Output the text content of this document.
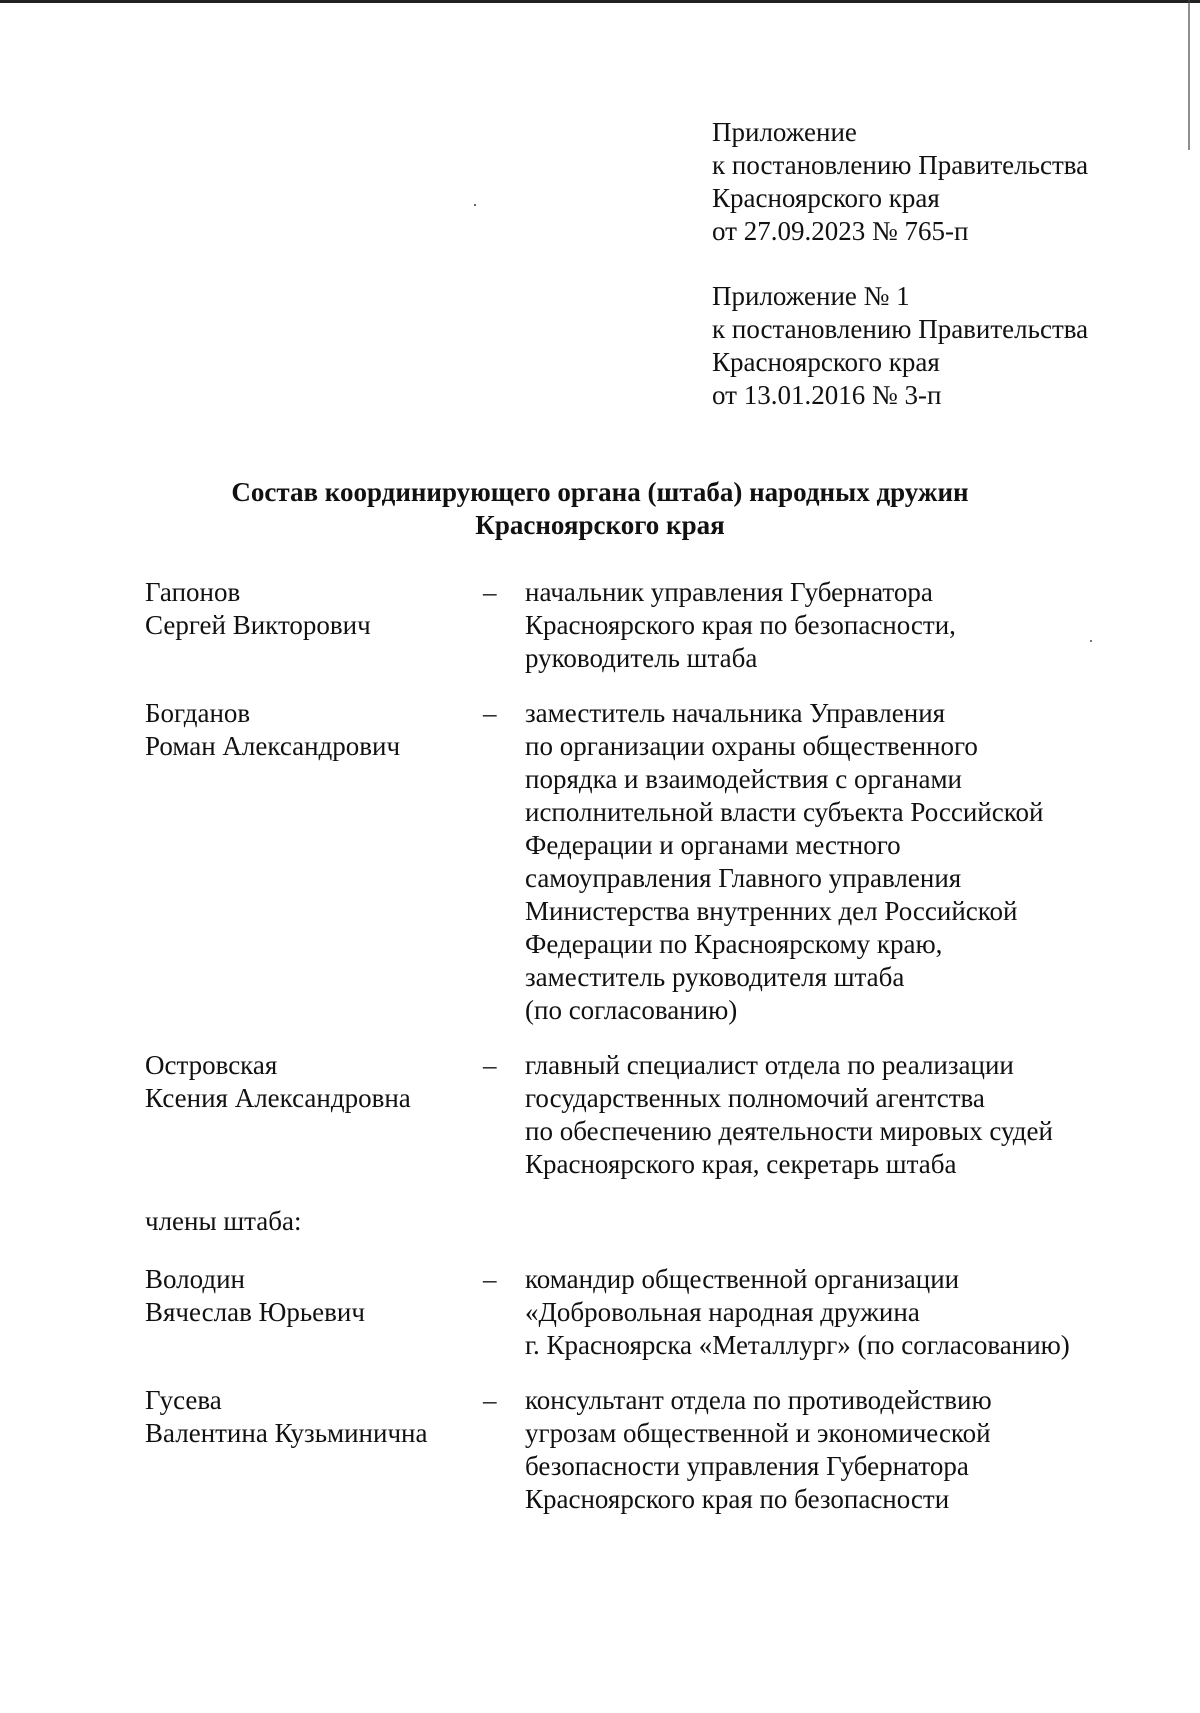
Приложение
к постановлению Правительства
Красноярского края
от 27.09.2023 № 765-п
Приложение № 1
к постановлению Правительства
Красноярского края
от 13.01.2016 № 3-п
Состав координирующего органа (штаба) народных дружин
Красноярского края
Гапонов
Сергей Викторович
– начальник управления Губернатора
Красноярского края по безопасности,
руководитель штаба
Богданов
Роман Александрович
– заместитель начальника Управления
по организации охраны общественного
порядка и взаимодействия с органами
исполнительной власти субъекта Российской
Федерации и органами местного
самоуправления Главного управления
Министерства внутренних дел Российской
Федерации по Красноярскому краю,
заместитель руководителя штаба
(по согласованию)
Островская
Ксения Александровна
– главный специалист отдела по реализации
государственных полномочий агентства
по обеспечению деятельности мировых судей
Красноярского края, секретарь штаба
члены штаба:
Володин
Вячеслав Юрьевич
– командир общественной организации
«Добровольная народная дружина
г. Красноярска «Металлург» (по согласованию)
Гусева
Валентина Кузьминична
– консультант отдела по противодействию
угрозам общественной и экономической
безопасности управления Губернатора
Красноярского края по безопасности
